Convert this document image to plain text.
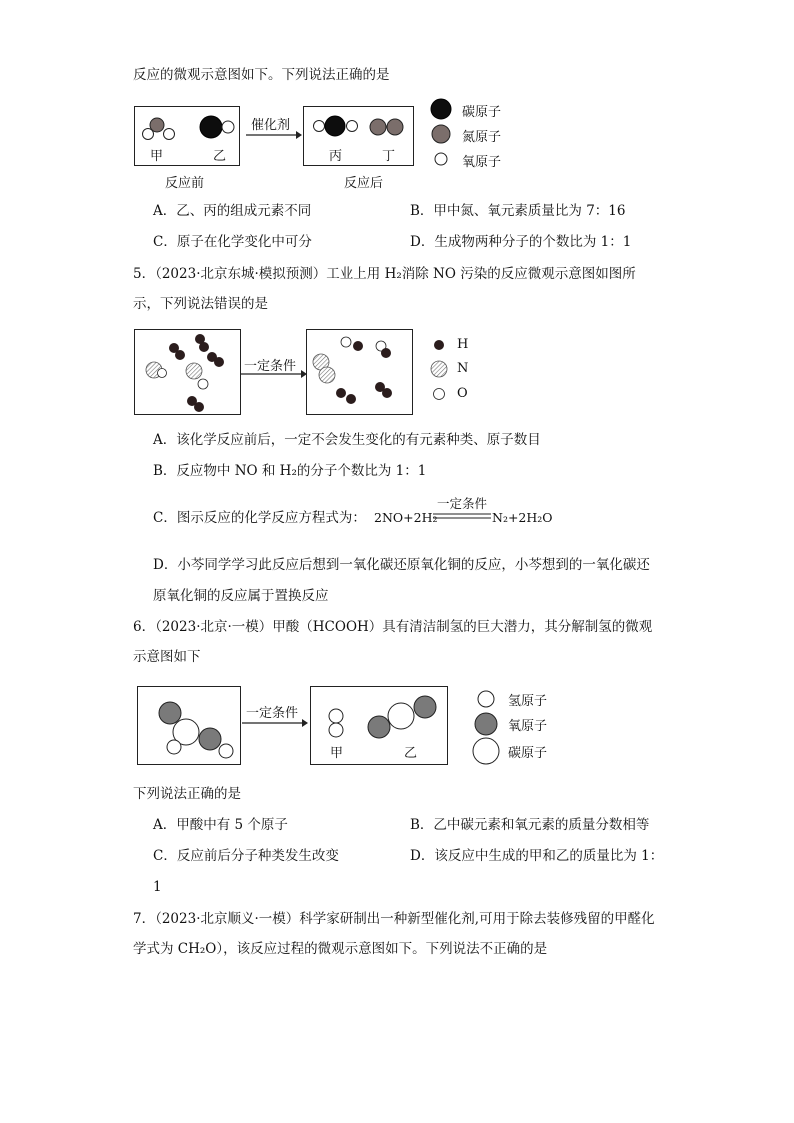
反应的微观示意图如下。下列说法正确的是
甲	乙
催化剂
丙	丁
反应前	反应后
碳原子
氮原子
氧原子
A．乙、丙的组成元素不同	B．甲中氮、氧元素质量比为 7：16
C．原子在化学变化中可分	D．生成物两种分子的个数比为 1：1
5．（2023·北京东城·模拟预测）工业上用 H₂消除 NO 污染的反应微观示意图如图所
示，下列说法错误的是
一定条件
H
N
O
A．该化学反应前后，一定不会发生变化的有元素种类、原子数目
B．反应物中 NO 和 H₂的分子个数比为 1：1
C．图示反应的化学反应方程式为： 2NO+2H₂
一定条件
N₂+2H₂O
D．小芩同学学习此反应后想到一氧化碳还原氧化铜的反应，小芩想到的一氧化碳还
原氧化铜的反应属于置换反应
6．（2023·北京·一模）甲酸（HCOOH）具有清洁制氢的巨大潜力，其分解制氢的微观
示意图如下
一定条件
甲	乙
氢原子
氧原子
碳原子
下列说法正确的是
A．甲酸中有 5 个原子	B．乙中碳元素和氧元素的质量分数相等
C．反应前后分子种类发生改变	D．该反应中生成的甲和乙的质量比为 1：
1
7．（2023·北京顺义·一模）科学家研制出一种新型催化剂,可用于除去装修残留的甲醛化
学式为 CH₂O），该反应过程的微观示意图如下。下列说法不正确的是
